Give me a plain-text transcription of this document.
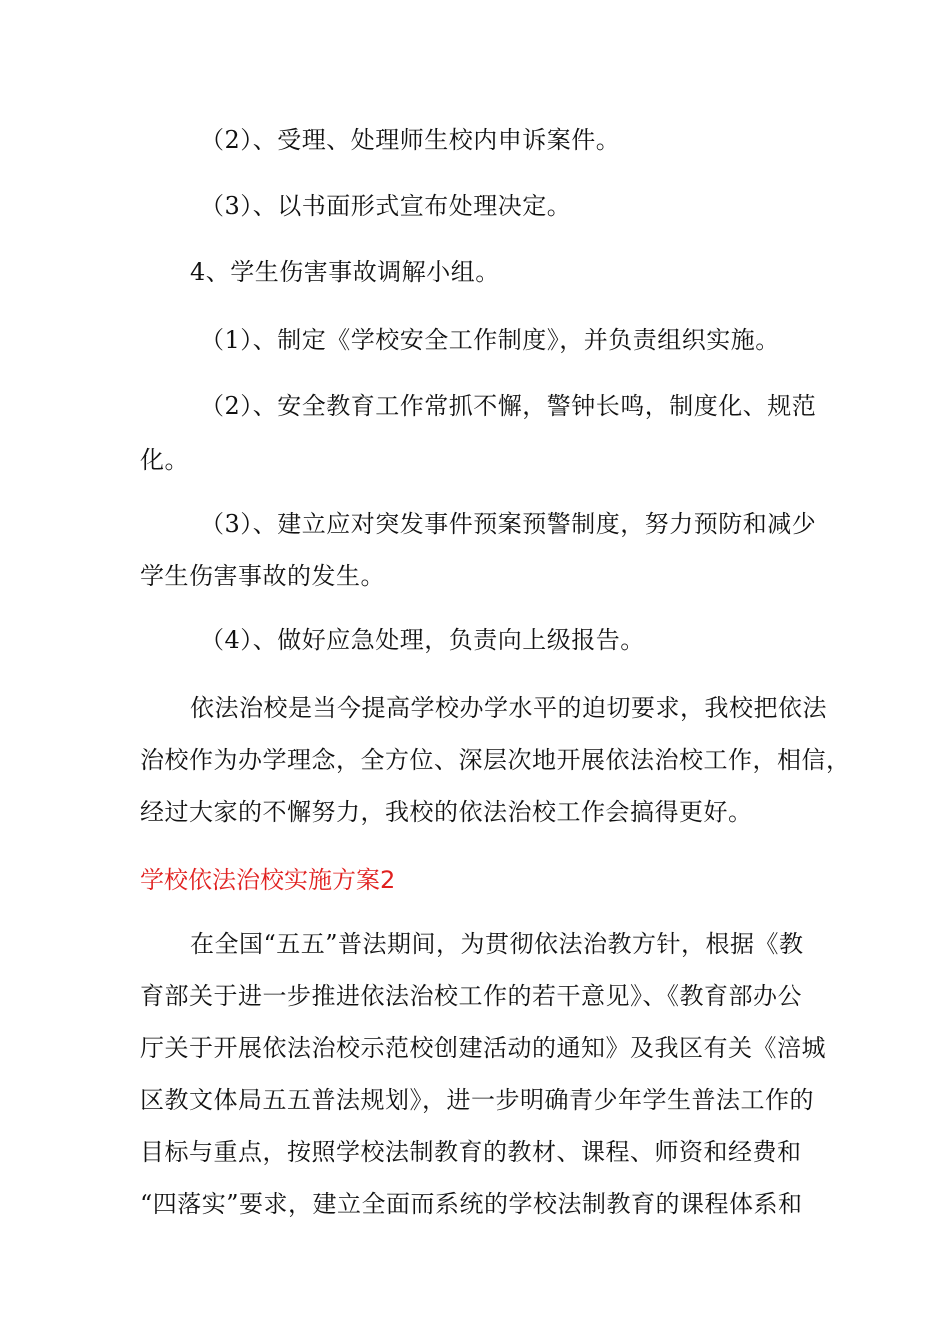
（2）、受理、处理师生校内申诉案件。
（3）、以书面形式宣布处理决定。
4、学生伤害事故调解小组。
（1）、制定《学校安全工作制度》，并负责组织实施。
（2）、安全教育工作常抓不懈，警钟长鸣，制度化、规范
化。
（3）、建立应对突发事件预案预警制度，努力预防和减少
学生伤害事故的发生。
（4）、做好应急处理，负责向上级报告。
依法治校是当今提高学校办学水平的迫切要求，我校把依法
治校作为办学理念，全方位、深层次地开展依法治校工作，相信，
经过大家的不懈努力，我校的依法治校工作会搞得更好。
学校依法治校实施方案2
在全国“五五”普法期间，为贯彻依法治教方针，根据《教
育部关于进一步推进依法治校工作的若干意见》、《教育部办公
厅关于开展依法治校示范校创建活动的通知》及我区有关《涪城
区教文体局五五普法规划》，进一步明确青少年学生普法工作的
目标与重点，按照学校法制教育的教材、课程、师资和经费和
“四落实”要求，建立全面而系统的学校法制教育的课程体系和
